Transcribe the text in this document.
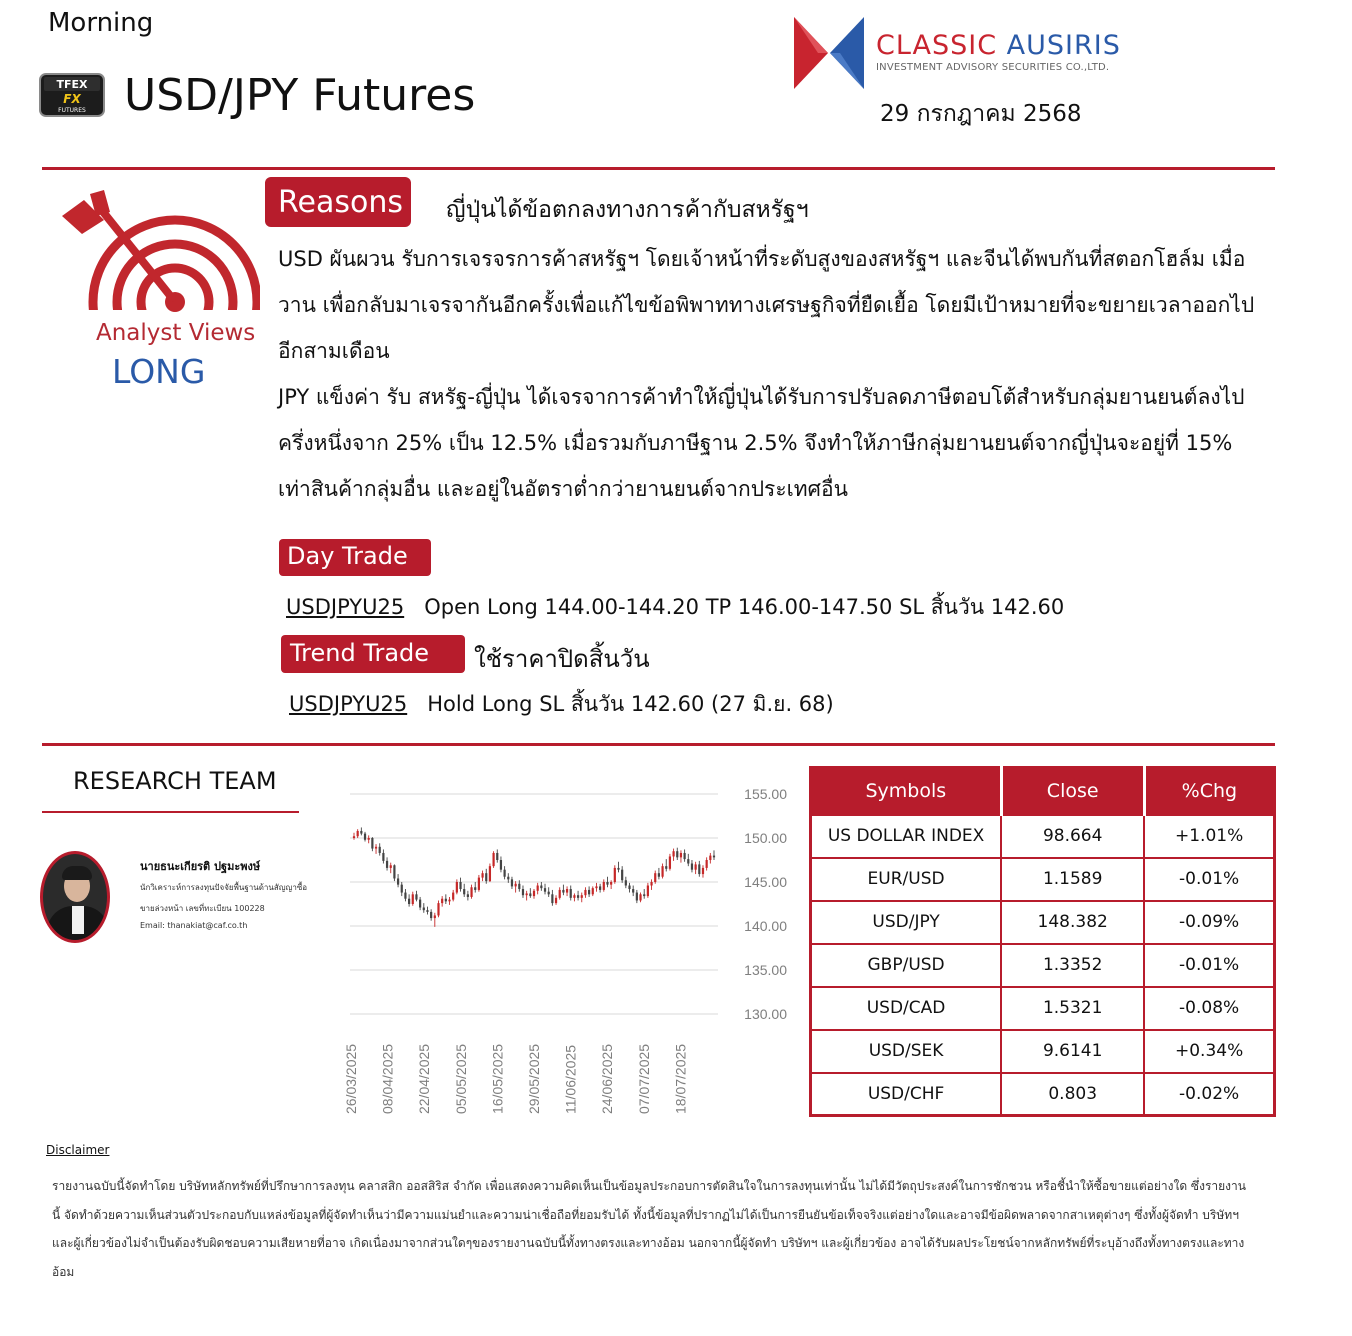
Morning
TFEX
FX
FUTURES USD/JPY Futures
CLASSIC AUSIRIS
INVESTMENT ADVISORY SECURITIES CO.,LTD.
29 กรกฎาคม 2568
Analyst Views
LONG
Reasons	ญี่ปุ่นได้ข้อตกลงทางการค้ากับสหรัฐฯ
USD ผันผวน รับการเจรจรการค้าสหรัฐฯ โดยเจ้าหน้าที่ระดับสูงของสหรัฐฯ และจีนได้พบกันที่สตอกโฮล์ม เมื่อวาน เพื่อกลับมาเจรจากันอีกครั้งเพื่อแก้ไขข้อพิพาททางเศรษฐกิจที่ยืดเยื้อ โดยมีเป้าหมายที่จะขยายเวลาออกไปอีกสามเดือน
JPY แข็งค่า รับ สหรัฐ-ญี่ปุ่น ได้เจรจาการค้าทำให้ญี่ปุ่นได้รับการปรับลดภาษีตอบโต้สำหรับกลุ่มยานยนต์ลงไปครึ่งหนึ่งจาก 25% เป็น 12.5% เมื่อรวมกับภาษีฐาน 2.5% จึงทำให้ภาษีกลุ่มยานยนต์จากญี่ปุ่นจะอยู่ที่ 15% เท่าสินค้ากลุ่มอื่น และอยู่ในอัตราต่ำกว่ายานยนต์จากประเทศอื่น
Day Trade
USDJPYU25 Open Long 144.00-144.20 TP 146.00-147.50 SL สิ้นวัน 142.60
Trend Trade	ใช้ราคาปิดสิ้นวัน
USDJPYU25 Hold Long SL สิ้นวัน 142.60 (27 มิ.ย. 68)
RESEARCH TEAM
นายธนะเกียรติ ปฐมะพงษ์
นักวิเคราะห์การลงทุนปัจจัยพื้นฐานด้านสัญญาซื้อ
ขายล่วงหน้า เลขที่ทะเบียน 100228
Email: thanakiat@caf.co.th
130.00
135.00
140.00
145.00
150.00
155.00
26/03/2025 08/04/2025 22/04/2025 05/05/2025 16/05/2025 29/05/2025 11/06/2025 24/06/2025 07/07/2025 18/07/2025
Symbols	Close	%Chg
US DOLLAR INDEX	98.664	+1.01%
EUR/USD	1.1589	-0.01%
USD/JPY	148.382	-0.09%
GBP/USD	1.3352	-0.01%
USD/CAD	1.5321	-0.08%
USD/SEK	9.6141	+0.34%
USD/CHF	0.803	-0.02%
Disclaimer
รายงานฉบับนี้จัดทำโดย บริษัทหลักทรัพย์ที่ปรึกษาการลงทุน คลาสสิก ออสสิริส จำกัด เพื่อแสดงความคิดเห็นเป็นข้อมูลประกอบการตัดสินใจในการลงทุนเท่านั้น ไม่ได้มีวัตถุประสงค์ในการชักชวน หรือชี้นำให้ซื้อขายแต่อย่างใด ซึ่งรายงานนี้ จัดทำด้วยความเห็นส่วนตัวประกอบกับแหล่งข้อมูลที่ผู้จัดทำเห็นว่ามีความแม่นยำและความน่าเชื่อถือที่ยอมรับได้ ทั้งนี้ข้อมูลที่ปรากฏไม่ได้เป็นการยืนยันข้อเท็จจริงแต่อย่างใดและอาจมีข้อผิดพลาดจากสาเหตุต่างๆ ซึ่งทั้งผู้จัดทำ บริษัทฯ และผู้เกี่ยวข้องไม่จำเป็นต้องรับผิดชอบความเสียหายที่อาจ เกิดเนื่องมาจากส่วนใดๆของรายงานฉบับนี้ทั้งทางตรงและทางอ้อม นอกจากนี้ผู้จัดทำ บริษัทฯ และผู้เกี่ยวข้อง อาจได้รับผลประโยชน์จากหลักทรัพย์ที่ระบุอ้างถึงทั้งทางตรงและทางอ้อม
